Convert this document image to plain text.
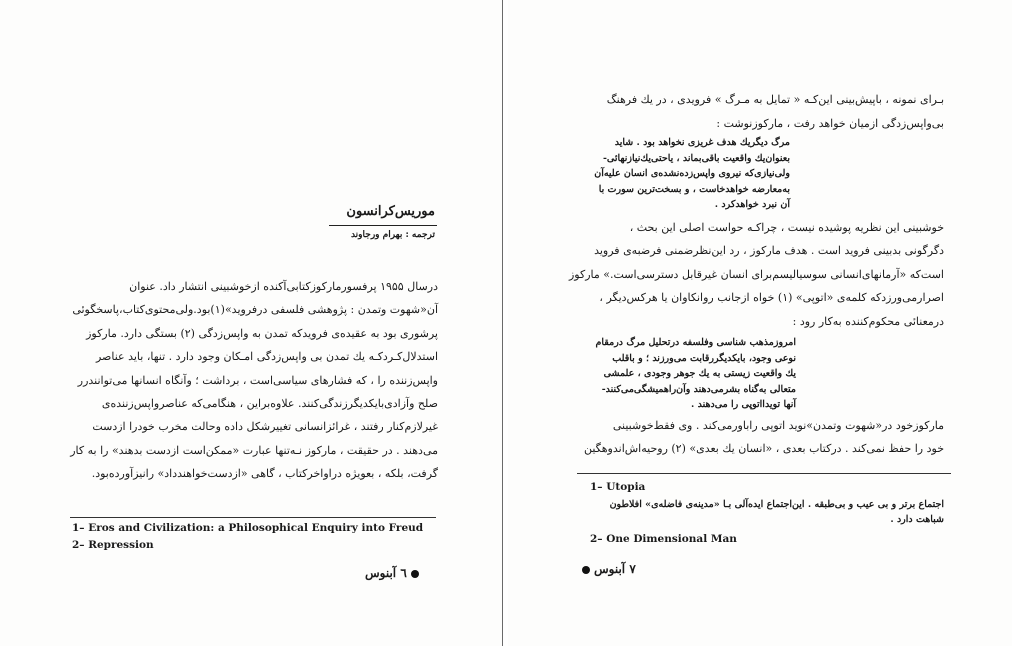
موریس‌کرانسون
ترجمه : بهرام ورجاوند
درسال ۱۹۵۵ پرفسورمارکوزکتابی‌آکنده ازخوشبینی انتشار داد. عنوان
آن«شهوت وتمدن : پژوهشی فلسفی درفروید»(۱)بود.ولی‌محتوی‌کتاب،پاسخگوئی
پرشوری بود به عقیده‌ی فرویدکه تمدن به واپس‌زدگی (۲) بستگی دارد. مارکوز
استدلال‌کـرد‌کـه یك تمدن بی واپس‌زدگی امـکان وجود دارد . تنها، باید عناصر
واپس‌زننده را ، که فشارهای سیاسی‌است ، برداشت ؛ وآنگاه انسانها می‌توانندرر
صلح وآزادی‌بایکدیگرزندگی‌کنند. علاوه‌براین ، هنگامی‌که عناصرواپس‌زننده‌ی
غیرلازم‌کنار رفتند ، غرائزانسانی تغییرشکل داده وحالت مخرب خودرا ازدست
می‌دهند . در حقیقت ، مارکوز نـه‌تنها عبارت «ممکن‌است ازدست بدهند» را به کار
گرفت، بلکه ، بعویژه دراواخر‌کتاب ، گاهی «ازدست‌خواهندداد» رانیزآورده‌بود.
1– Eros and Civilization: a Philosophical Enquiry into Freud
2– Repression
٦ آبنوس
بـرای نمونه ، باپیش‌بینی این‌کـه « تمایل به مـرگ » فرویدی ، در یك فرهنگ
بی‌واپس‌زدگی ازمیان خواهد رفت ، مارکوزنوشت :
مرگ دیگریك هدف غریزی نخواهد بود . شاید
بعنوان‌یك واقعیت باقی‌بماند ، یاحتی‌یك‌نیازنهائی-
ولی‌نیازی‌که نیروی واپس‌زده‌نشده‌ی انسان علیه‌آن
به‌معارضه خواهدخاست ، و بسخت‌ترین سورت با
آن نبرد خواهدکرد .
خوشبینی این نظریه پوشیده نیست ، چراکـه حواست اصلی این بحث ،
دگرگونی بدبینی فروید است . هدف مارکوز ، رد این‌نظرضمنی فرضبه‌ی فروید
است‌که «آرمانهای‌انسانی سوسیالیسم‌برای انسان غیرقابل دسترسی‌است.» مارکوز
اصرارمی‌ورزدکه کلمه‌ی «اتوپی» (۱) خواه ازجانب روانکاوان یا هرکس‌دیگر ،
درمعنائی محکوم‌کننده به‌کار رود :
امروزمذهب شناسی وفلسفه درتحلیل مرگ درمقام
نوعی وجود، بایکدیگررقابت می‌ورزند ؛ و باقلب
یك واقعیت زیستی به یك جوهر وجودی ، علمشی
متعالی به‌گناه بشرمی‌دهند وآن‌راهمیشگی‌می‌کنند-
آنها تویدااتوپی را می‌دهند .
مارکوزخود در«شهوت وتمدن»نوید اتوپی راباورمی‌کند . وی فقط‌خوشبینی
خود را حفظ نمی‌کند . درکتاب بعدی ، «انسان یك بعدی» (۲) روحیه‌اش‌اندوهگین
1– Utopia
اجتماع برتر و بی عیب و بی‌طبقه . این‌اجتماع ایده‌آلی بـا «مدینه‌ی فاضله‌ی» افلاطون
شباهت دارد .
2– One Dimensional Man
۷ آبنوس
